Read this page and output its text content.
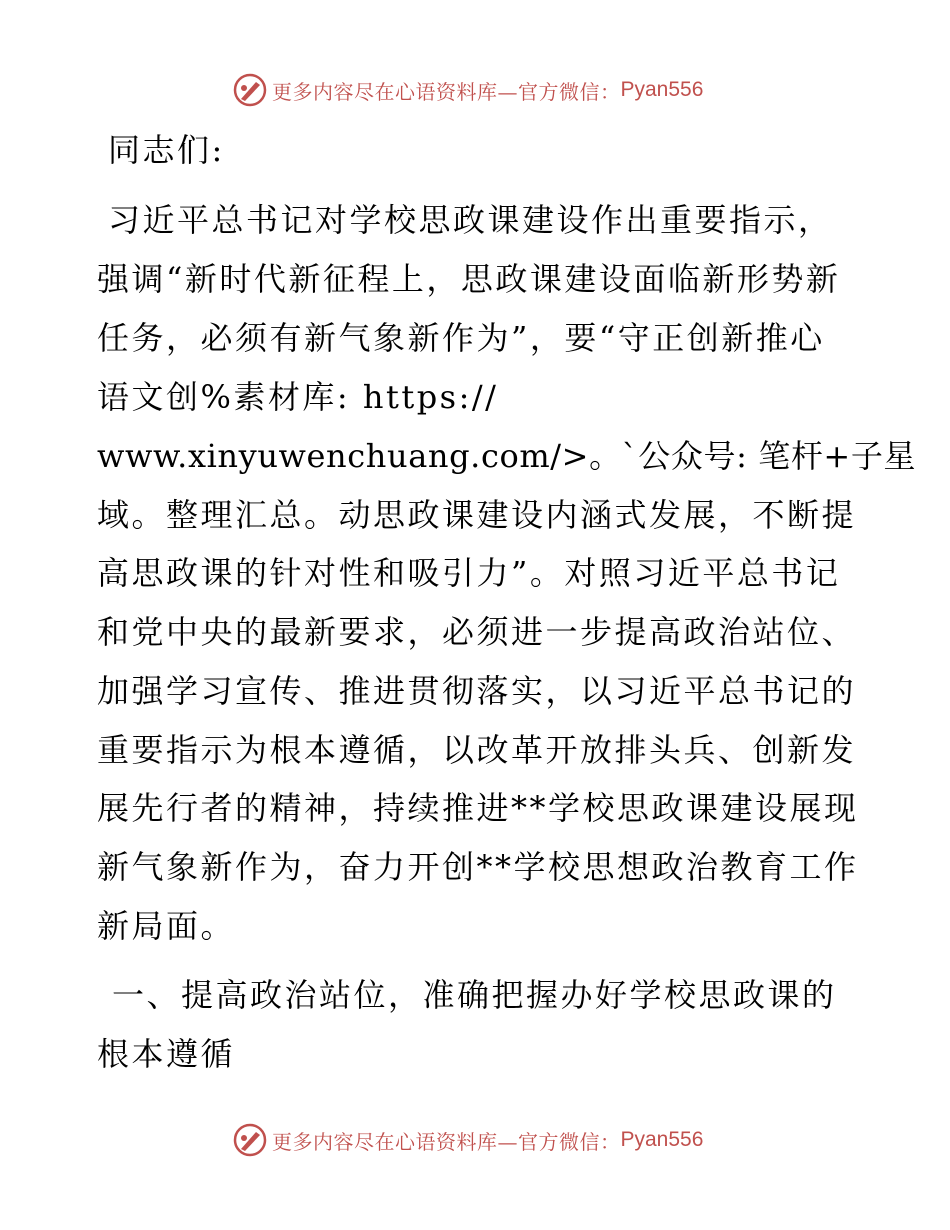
更多内容尽在心语资料库—官方微信： Pyan556
同志们:
习近平总书记对学校思政课建设作出重要指示，
强调“新时代新征程上，思政课建设面临新形势新
任务，必须有新气象新作为”，要“守正创新推心
语文创%素材库: https://
www.xinyuwenchuang.com/>。`公众号: 笔杆+子星
域。整理汇总。动思政课建设内涵式发展，不断提
高思政课的针对性和吸引力”。对照习近平总书记
和党中央的最新要求，必须进一步提高政治站位、
加强学习宣传、推进贯彻落实，以习近平总书记的
重要指示为根本遵循，以改革开放排头兵、创新发
展先行者的精神，持续推进**学校思政课建设展现
新气象新作为，奋力开创**学校思想政治教育工作
新局面。
一、提高政治站位，准确把握办好学校思政课的
根本遵循
更多内容尽在心语资料库—官方微信： Pyan556
